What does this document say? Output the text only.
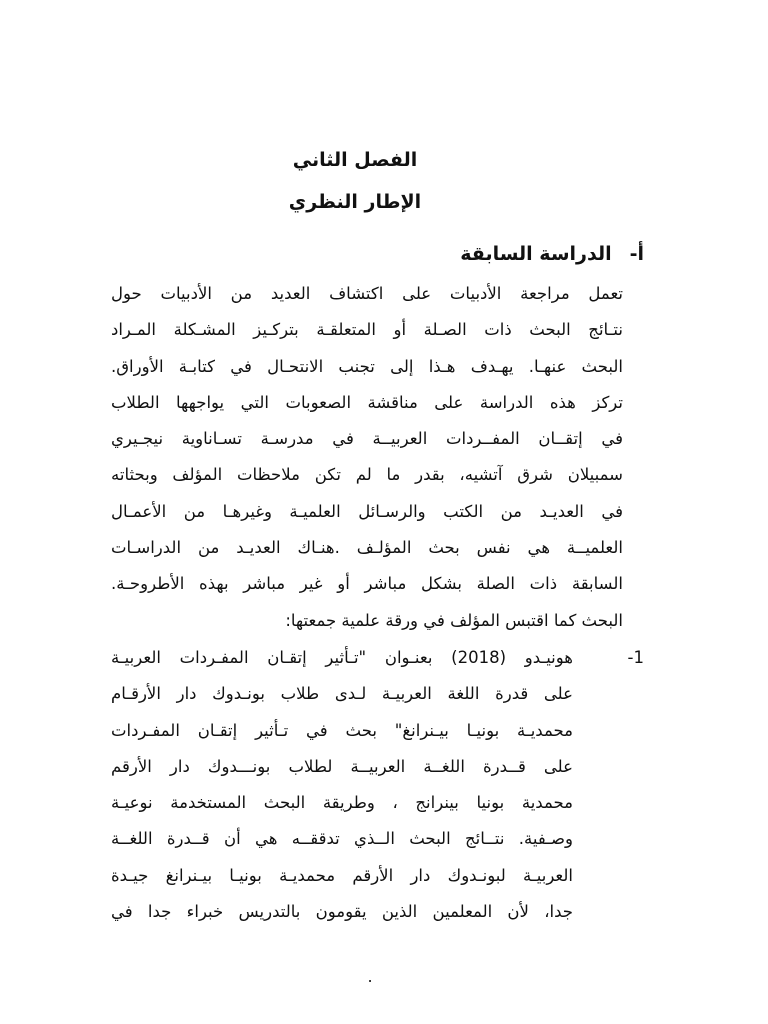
الفصل الثاني
الإطار النظري
أ-الدراسة السابقة
تعمل مراجعة الأدبيات على اكتشاف العديد من الأدبيات حول
نتـائج البحث ذات الصـلة أو المتعلقـة بتركـيز المشـكلة المـراد
البحث عنهـا. يهـدف هـذا إلى تجنب الانتحـال في كتابـة الأوراق.
تركز هذه الدراسة على مناقشة الصعوبات التي يواجهها الطلاب
في إتقــان المفــردات العربيــة في مدرسـة تسـاناوية نيجـيري
سمبيلان شرق آتشيه، بقدر ما لم تكن ملاحظات المؤلف وبحثاته
في العديـد من الكتب والرسـائل العلميـة وغيرهـا من الأعمـال
العلميــة هي نفس بحث المؤلـف .هنـاك العديـد من الدراسـات
السابقة ذات الصلة بشكل مباشر أو غير مباشر بهذه الأطروحـة.
البحث كما اقتبس المؤلف في ورقة علمية جمعتها:
1-
هونيـدو (2018) بعنـوان "تـأثير إتقـان المفـردات العربيـة
على قدرة اللغة العربيـة لـدى طلاب بونـدوك دار الأرقـام
محمديـة بونيـا بيـنرانغ" بحث في تـأثير إتقـان المفـردات
على قــدرة اللغــة العربيــة لطلاب بونـــدوك دار الأرقم
محمدية بونيا بينرانج ، وطريقة البحث المستخدمة نوعيـة
وصـفية. نتــائج البحث الــذي تدققــه هي أن قــدرة اللغــة
العربيـة لبونـدوك دار الأرقم محمديـة بونيـا بيـنرانغ جيـدة
جدا، لأن المعلمين الذين يقومون بالتدريس خبراء جدا في
.
